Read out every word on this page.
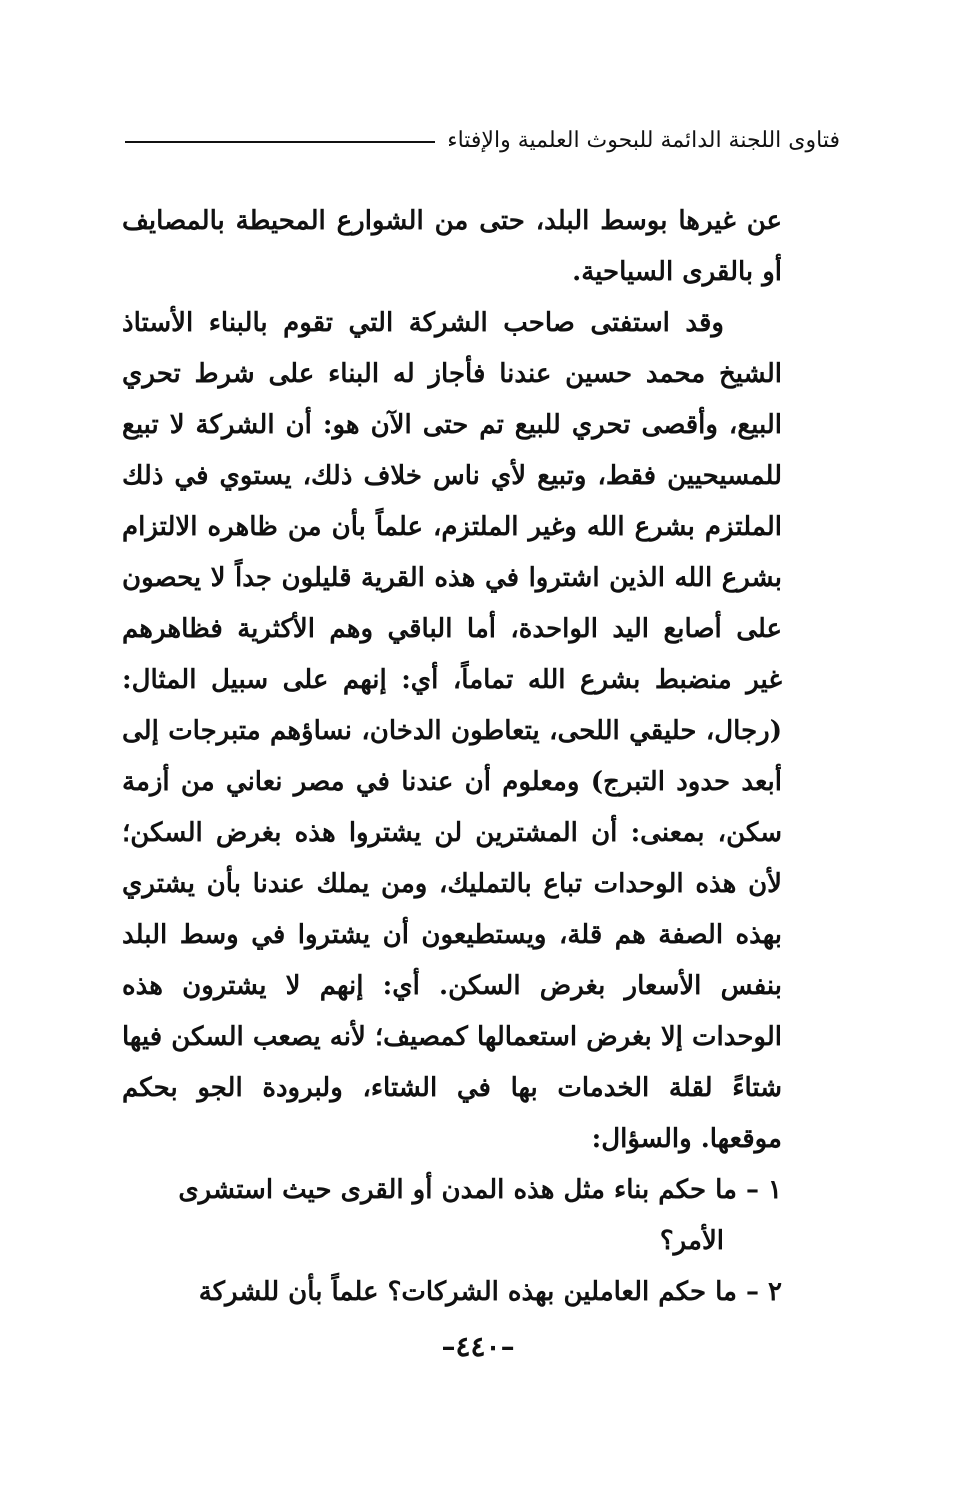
فتاوى اللجنة الدائمة للبحوث العلمية والإفتاء

عن غيرها بوسط البلد، حتى من الشوارع المحيطة بالمصايف أو بالقرى السياحية.

وقد استفتى صاحب الشركة التي تقوم بالبناء الأستاذ الشيخ محمد حسين عندنا فأجاز له البناء على شرط تحري البيع، وأقصى تحري للبيع تم حتى الآن هو: أن الشركة لا تبيع للمسيحيين فقط، وتبيع لأي ناس خلاف ذلك، يستوي في ذلك الملتزم بشرع الله وغير الملتزم، علماً بأن من ظاهره الالتزام بشرع الله الذين اشتروا في هذه القرية قليلون جداً لا يحصون على أصابع اليد الواحدة، أما الباقي وهم الأكثرية فظاهرهم غير منضبط بشرع الله تماماً، أي: إنهم على سبيل المثال: (رجال، حليقي اللحى، يتعاطون الدخان، نساؤهم متبرجات إلى أبعد حدود التبرج) ومعلوم أن عندنا في مصر نعاني من أزمة سكن، بمعنى: أن المشترين لن يشتروا هذه بغرض السكن؛ لأن هذه الوحدات تباع بالتمليك، ومن يملك عندنا بأن يشتري بهذه الصفة هم قلة، ويستطيعون أن يشتروا في وسط البلد بنفس الأسعار بغرض السكن. أي: إنهم لا يشترون هذه الوحدات إلا بغرض استعمالها كمصيف؛ لأنه يصعب السكن فيها شتاءً لقلة الخدمات بها في الشتاء، ولبرودة الجو بحكم موقعها. والسؤال:

١ – ما حكم بناء مثل هذه المدن أو القرى حيث استشرى

الأمر؟

٢ – ما حكم العاملين بهذه الشركات؟ علماً بأن للشركة

–٤٤٠–
